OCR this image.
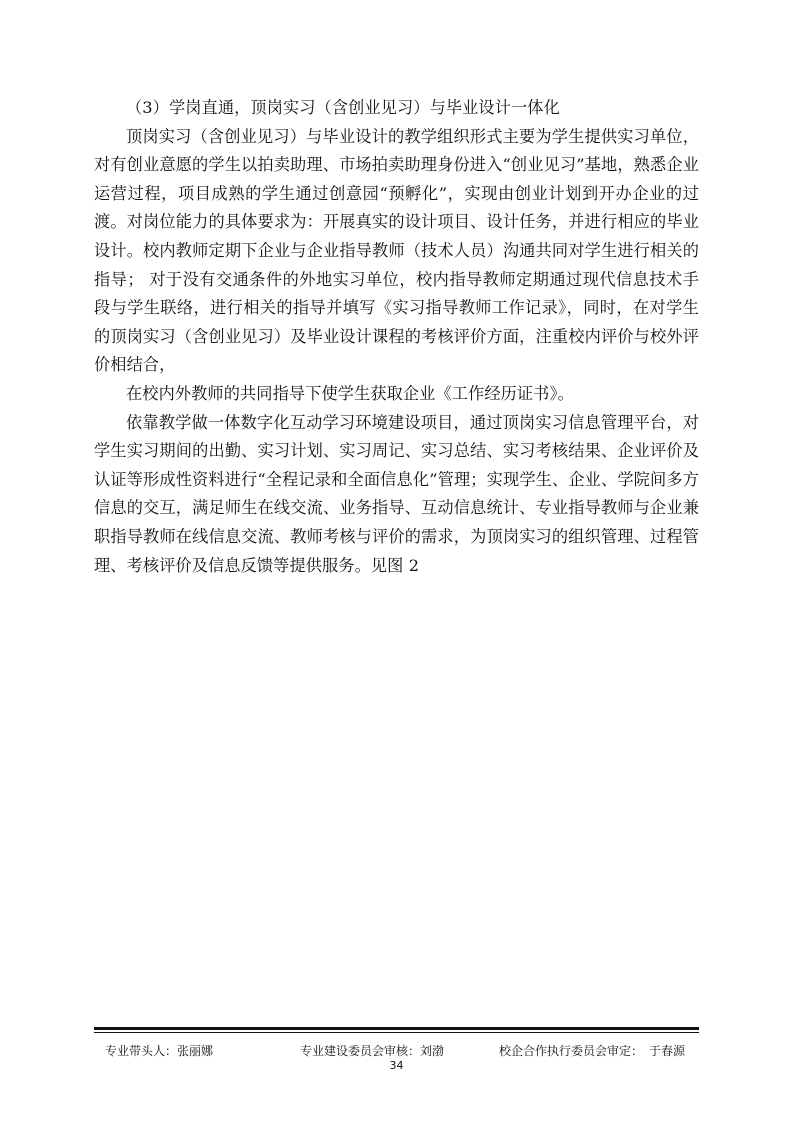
（3）学岗直通，顶岗实习（含创业见习）与毕业设计一体化

顶岗实习（含创业见习）与毕业设计的教学组织形式主要为学生提供实习单位，对有创业意愿的学生以拍卖助理、市场拍卖助理身份进入“创业见习”基地，熟悉企业运营过程，项目成熟的学生通过创意园“预孵化”，实现由创业计划到开办企业的过渡。对岗位能力的具体要求为：开展真实的设计项目、设计任务，并进行相应的毕业设计。校内教师定期下企业与企业指导教师（技术人员）沟通共同对学生进行相关的指导； 对于没有交通条件的外地实习单位，校内指导教师定期通过现代信息技术手段与学生联络，进行相关的指导并填写《实习指导教师工作记录》，同时，在对学生的顶岗实习（含创业见习）及毕业设计课程的考核评价方面，注重校内评价与校外评价相结合，

在校内外教师的共同指导下使学生获取企业《工作经历证书》。

依靠教学做一体数字化互动学习环境建设项目，通过顶岗实习信息管理平台，对学生实习期间的出勤、实习计划、实习周记、实习总结、实习考核结果、企业评价及认证等形成性资料进行“全程记录和全面信息化”管理；实现学生、企业、学院间多方信息的交互，满足师生在线交流、业务指导、互动信息统计、专业指导教师与企业兼职指导教师在线信息交流、教师考核与评价的需求，为顶岗实习的组织管理、过程管理、考核评价及信息反馈等提供服务。见图 2

专业带头人：张丽娜	专业建设委员会审核：刘渤	校企合作执行委员会审定：　于春源
34
